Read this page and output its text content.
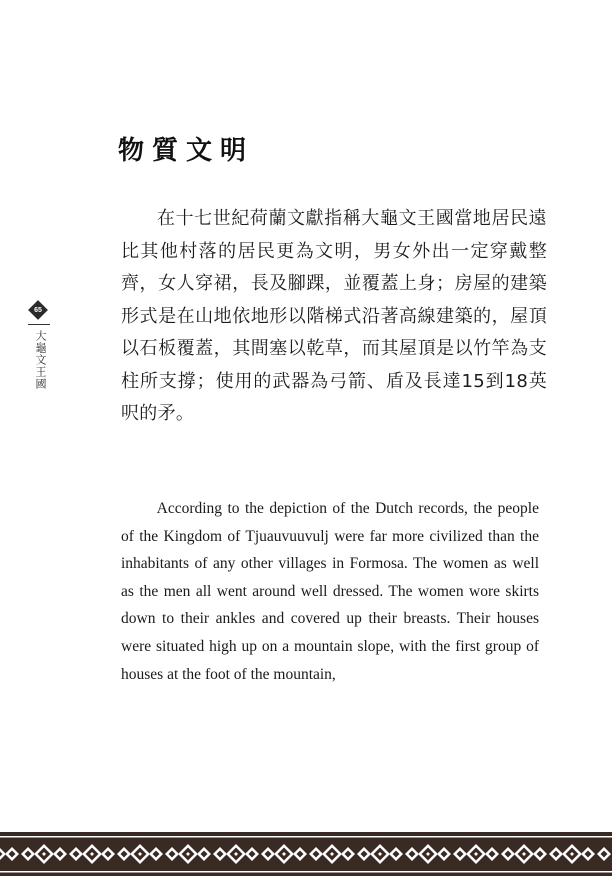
65
大龜文王國
物質文明
在十七世紀荷蘭文獻指稱大龜文王國當地居民遠比其他村落的居民更為文明，男女外出一定穿戴整齊，女人穿裙，長及腳踝，並覆蓋上身；房屋的建築形式是在山地依地形以階梯式沿著高線建築的，屋頂以石板覆蓋，其間塞以乾草，而其屋頂是以竹竿為支柱所支撐；使用的武器為弓箭、盾及長達15到18英呎的矛。
According to the depiction of the Dutch records, the people of the Kingdom of Tjuauvuuvulj were far more civilized than the inhabitants of any other villages in Formosa. The women as well as the men all went around well dressed. The women wore skirts down to their ankles and covered up their breasts. Their houses were situated high up on a mountain slope, with the first group of houses at the foot of the mountain,
